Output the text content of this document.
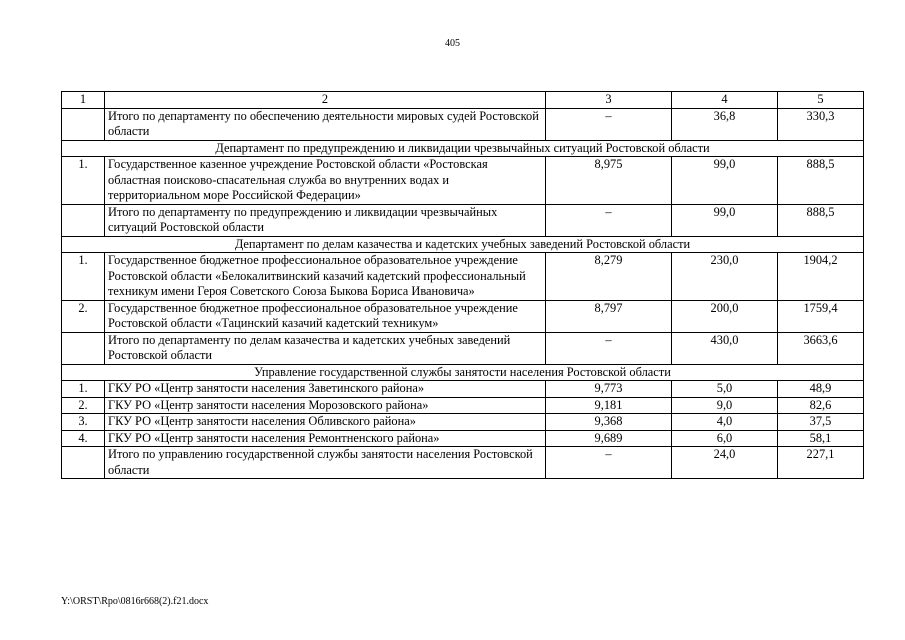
405
1	2	3	4	5
	Итого по департаменту по обеспечению деятельности мировых судей Ростовской области	–	36,8	330,3
Департамент по предупреждению и ликвидации чрезвычайных ситуаций Ростовской области				
1.	Государственное казенное учреждение Ростовской области «Ростовская областная поисково-спасательная служба во внутренних водах и территориальном море Российской Федерации»	8,975	99,0	888,5
	Итого по департаменту по предупреждению и ликвидации чрезвычайных ситуаций Ростовской области	–	99,0	888,5
Департамент по делам казачества и кадетских учебных заведений Ростовской области				
1.	Государственное бюджетное профессиональное образовательное учреждение Ростовской области «Белокалитвинский казачий кадетский профессиональный техникум имени Героя Советского Союза Быкова Бориса Ивановича»	8,279	230,0	1904,2
2.	Государственное бюджетное профессиональное образовательное учреждение Ростовской области «Тацинский казачий кадетский техникум»	8,797	200,0	1759,4
	Итого по департаменту по делам казачества и кадетских учебных заведений Ростовской области	–	430,0	3663,6
Управление государственной службы занятости населения Ростовской области				
1.	ГКУ РО «Центр занятости населения Заветинского района»	9,773	5,0	48,9
2.	ГКУ РО «Центр занятости населения Морозовского района»	9,181	9,0	82,6
3.	ГКУ РО «Центр занятости населения Обливского района»	9,368	4,0	37,5
4.	ГКУ РО «Центр занятости населения Ремонтненского района»	9,689	6,0	58,1
	Итого по управлению государственной службы занятости населения Ростовской области	–	24,0	227,1
Y:\ORST\Rpo\0816r668(2).f21.docx
